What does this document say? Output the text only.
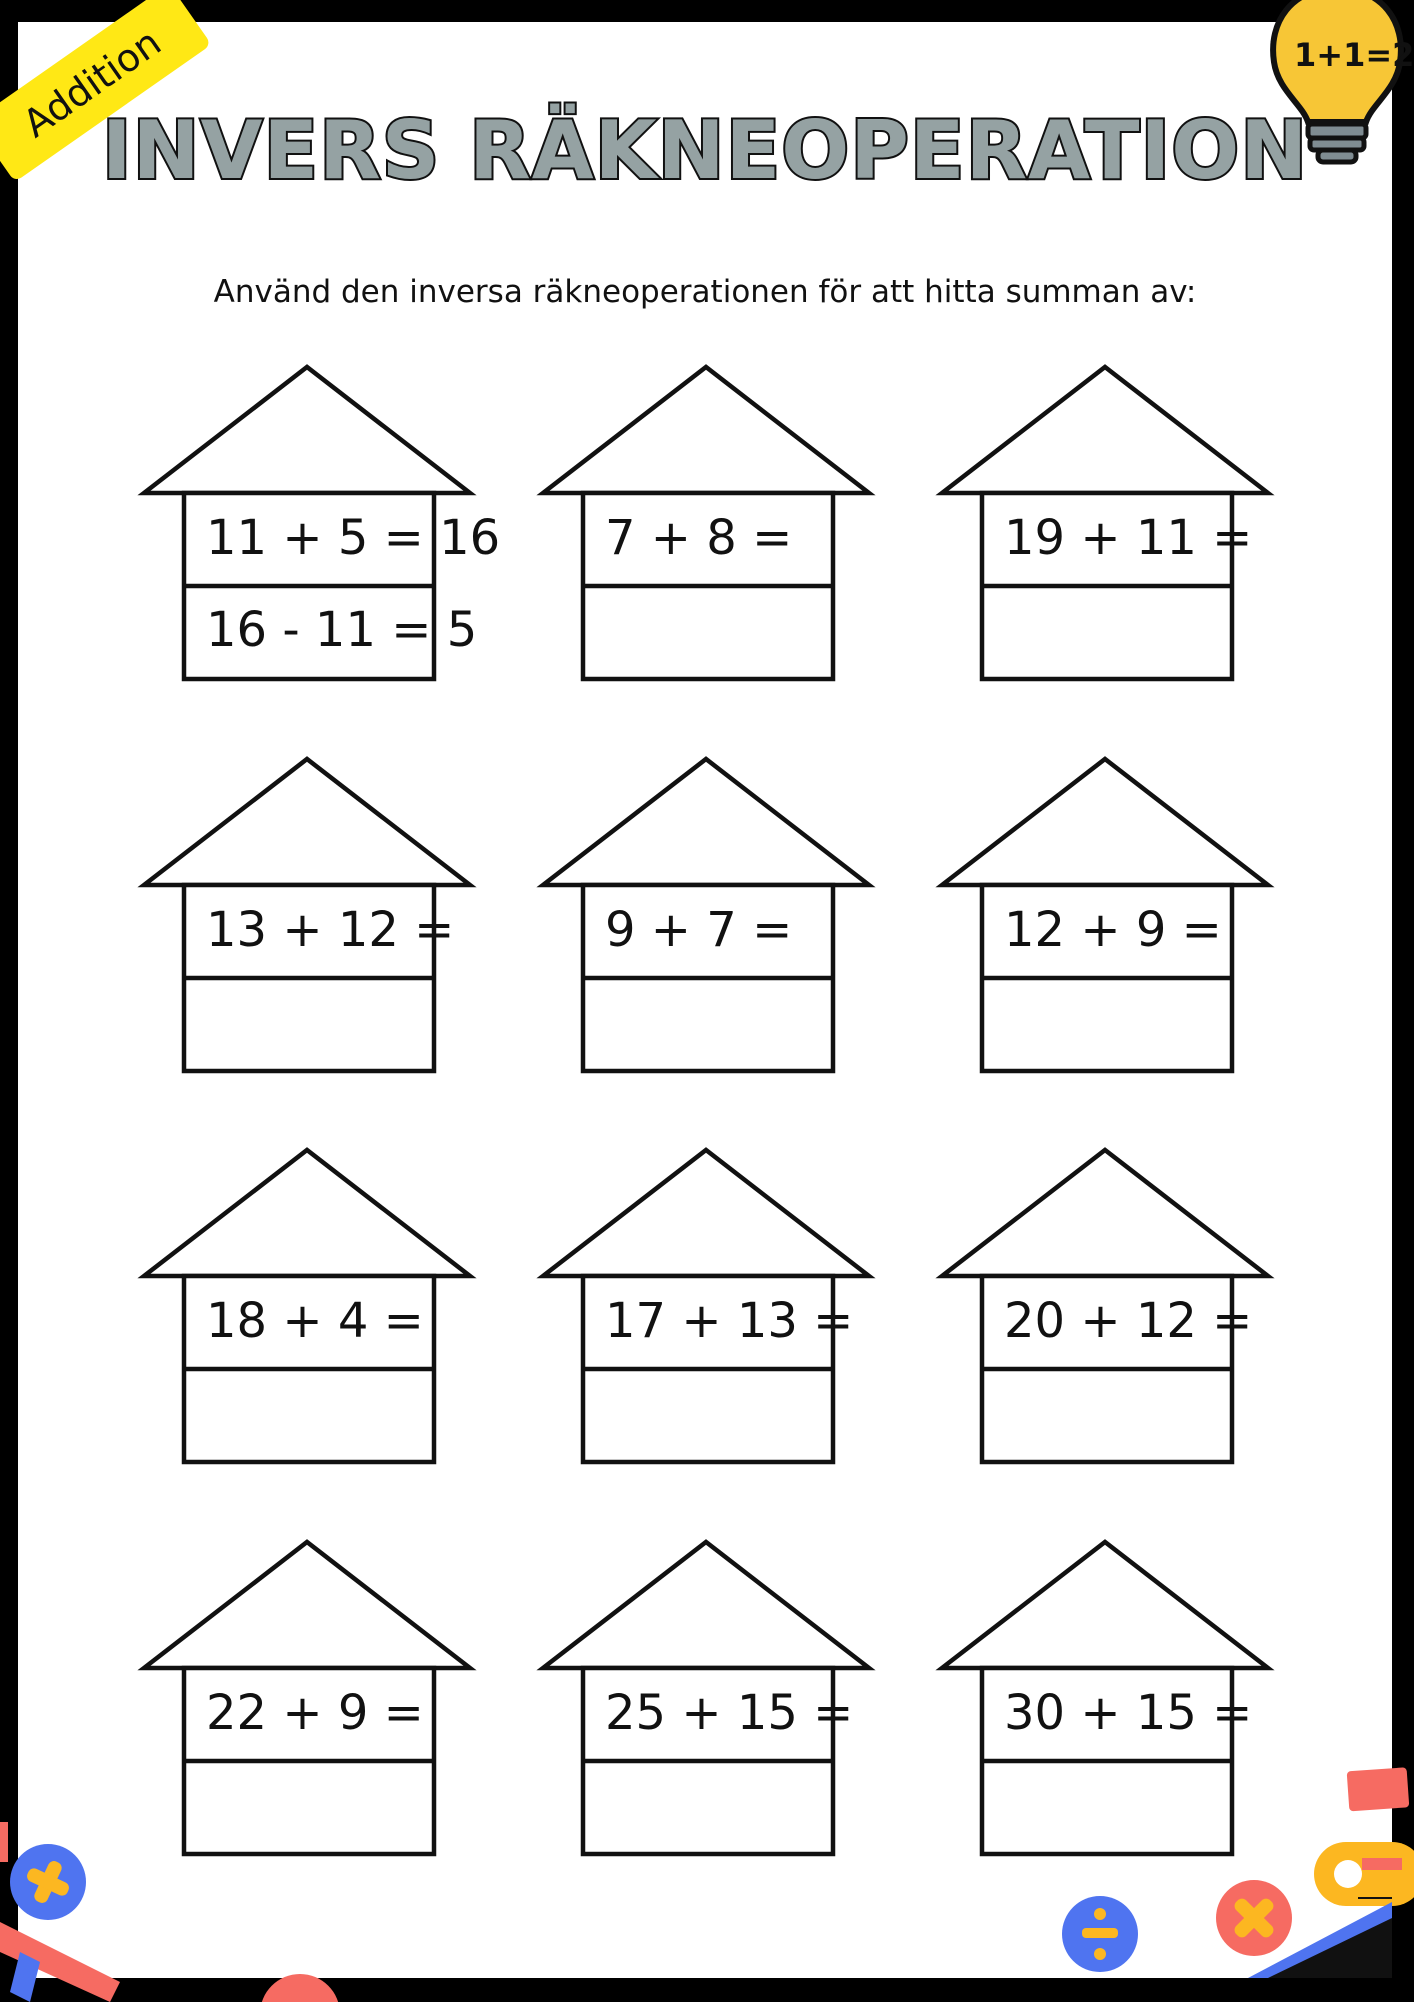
Addition	1+1=2
INVERS RÄKNEOPERATION
Använd den inversa räkneoperationen för att hitta summan av:
11 + 5 = 16
16 - 11 = 5
7 + 8 =	19 + 11 =
13 + 12 =	9 + 7 =	12 + 9 =
18 + 4 =	17 + 13 =	20 + 12 =
22 + 9 =	25 + 15 =	30 + 15 =
